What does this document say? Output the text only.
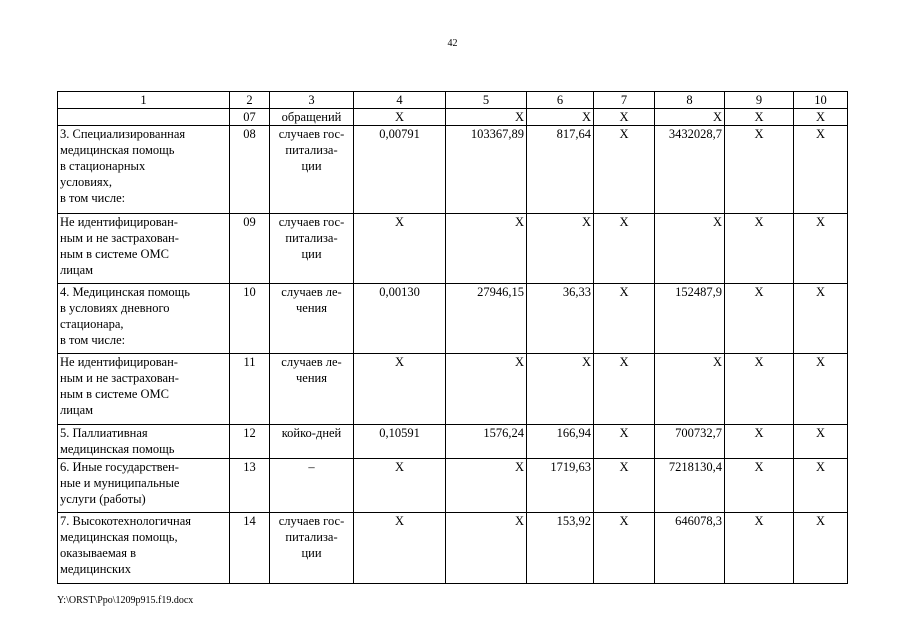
42
1	2	3	4	5	6	7	8	9	10

	07	обращений	Х	Х	Х	Х	Х	Х	Х

3. Специализированная
медицинская помощь
в стационарных
условиях,
в том числе:	08	случаев гос-
питализа-
ции	0,00791	103367,89	817,64	Х	3432028,7	Х	Х

Не идентифицирован-
ным и не застрахован-
ным в системе ОМС
лицам	09	случаев гос-
питализа-
ции	Х	Х	Х	Х	Х	Х	Х

4. Медицинская помощь
в условиях дневного
стационара,
в том числе:	10	случаев ле-
чения	0,00130	27946,15	36,33	Х	152487,9	Х	Х

Не идентифицирован-
ным и не застрахован-
ным в системе ОМС
лицам	11	случаев ле-
чения	Х	Х	Х	Х	Х	Х	Х

5. Паллиативная
медицинская помощь	12	койко-дней	0,10591	1576,24	166,94	Х	700732,7	Х	Х

6. Иные государствен-
ные и муниципальные
услуги (работы)	13	–	Х	Х	1719,63	Х	7218130,4	Х	Х

7. Высокотехнологичная
медицинская помощь,
оказываемая в
медицинских	14	случаев гос-
питализа-
ции	Х	Х	153,92	Х	646078,3	Х	Х
Y:\ORST\Ppo\1209p915.f19.docx
